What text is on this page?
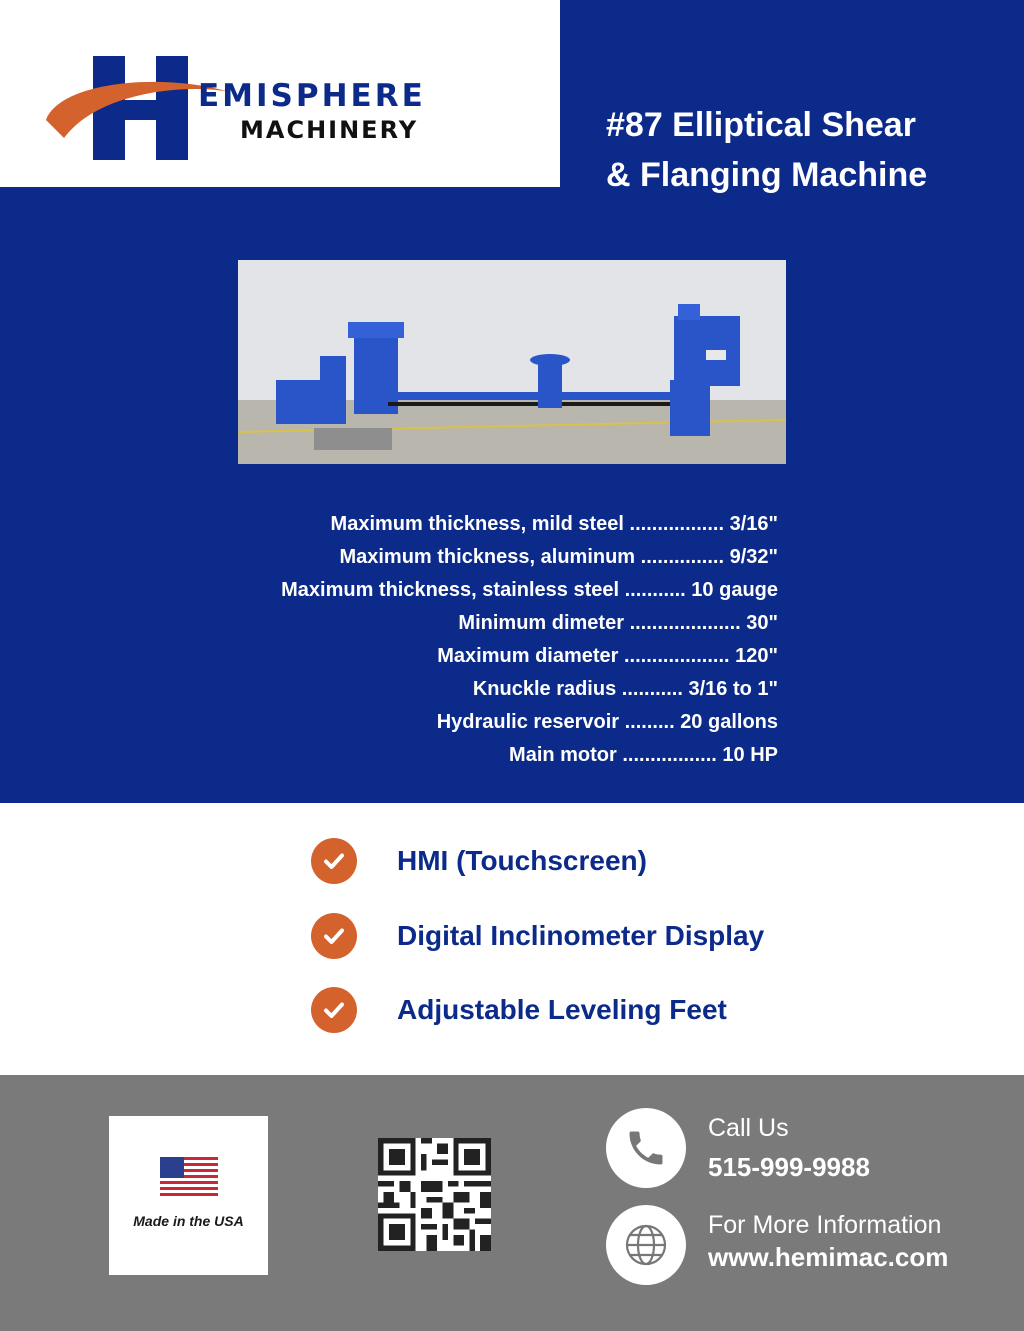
EMISPHERE
MACHINERY	#87 Elliptical Shear
& Flanging Machine
Maximum thickness, mild steel ................. 3/16"
Maximum thickness, aluminum ............... 9/32"
Maximum thickness, stainless steel ........... 10 gauge
Minimum dimeter .................... 30"
Maximum diameter ................... 120"
Knuckle radius ........... 3/16 to 1"
Hydraulic reservoir ......... 20 gallons
Main motor ................. 10 HP
HMI (Touchscreen)
Digital Inclinometer Display
Adjustable Leveling Feet
Made in the USA
Call Us
515-999-9988
For More Information
www.hemimac.com
